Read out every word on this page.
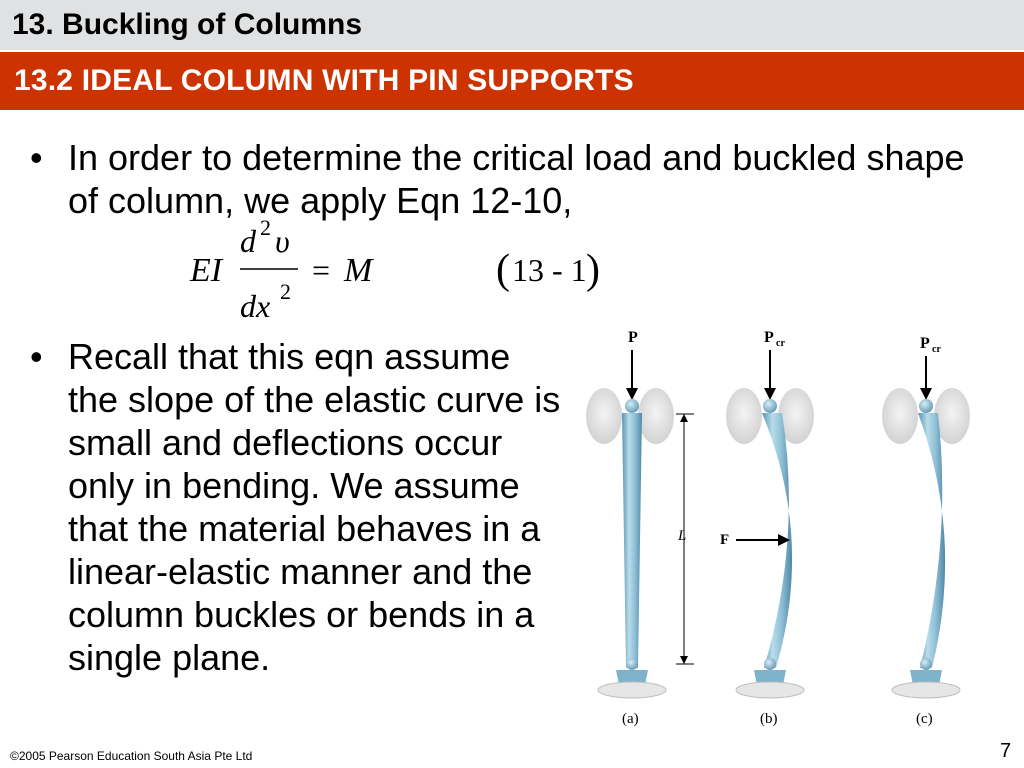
13. Buckling of Columns
13.2 IDEAL COLUMN WITH PIN SUPPORTS
• In order to determine the critical load and buckled shape of column, we apply Eqn 12-10,
EI
d 2 υ
dx 2
= M	( 13 - 1 )
• Recall that this eqn assume the slope of the elastic curve is small and deflections occur only in bending. We assume that the material behaves in a linear-elastic manner and the column buckles or bends in a single plane.
P
(a)
L
P cr
(b)
F
P cr
(c)
©2005 Pearson Education South Asia Pte Ltd	7
